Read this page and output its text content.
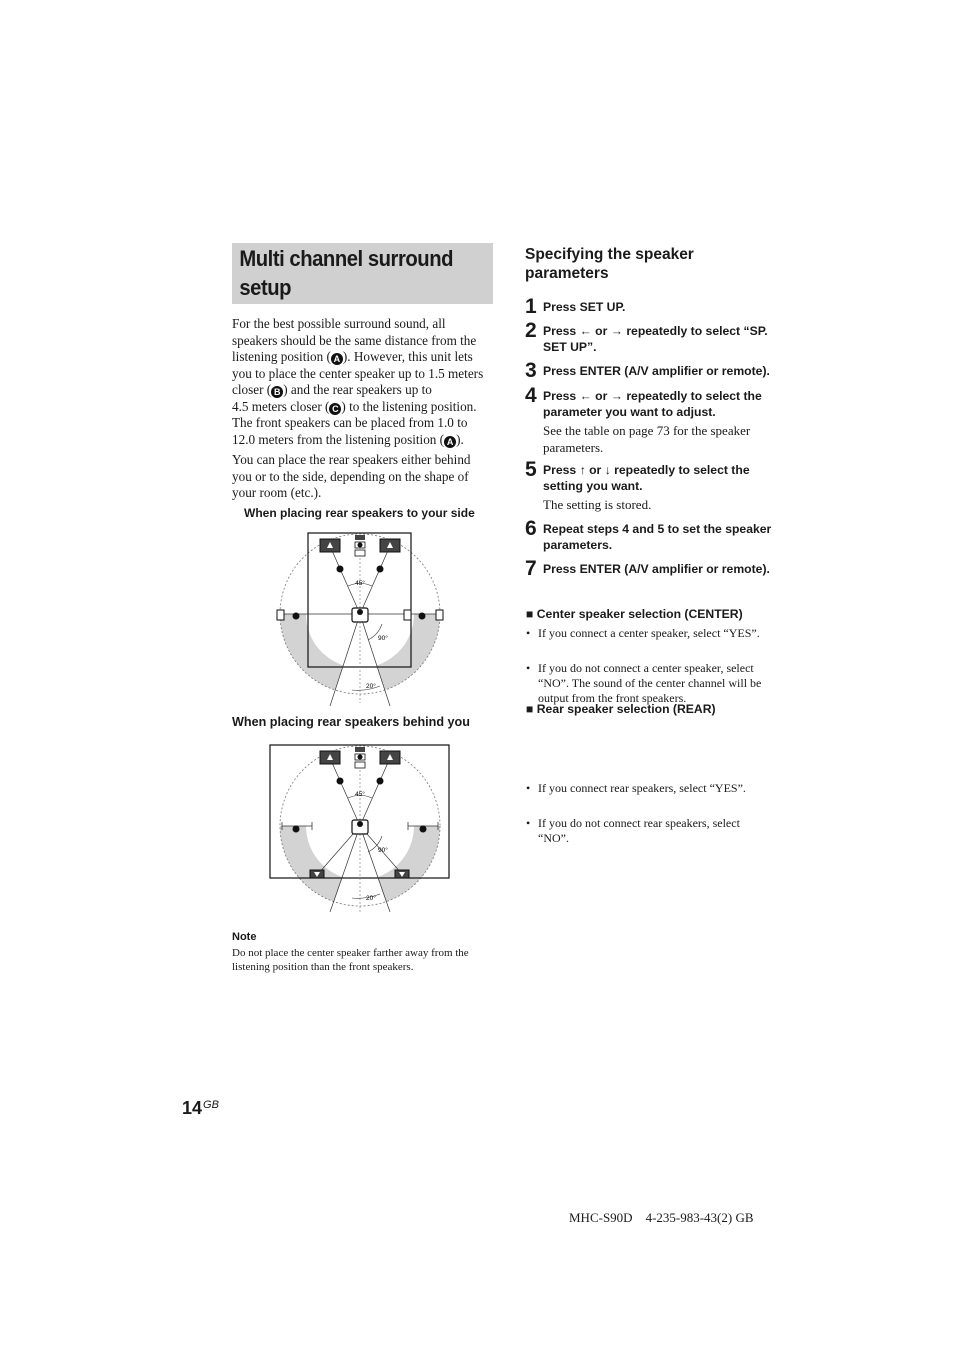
Multi channel surround
setup
For the best possible surround sound, all
speakers should be the same distance from the
listening position ( A ). However, this unit lets
you to place the center speaker up to 1.5 meters
closer ( B ) and the rear speakers up to
4.5 meters closer ( C ) to the listening position.
The front speakers can be placed from 1.0 to
12.0 meters from the listening position ( A ).
You can place the rear speakers either behind
you or to the side, depending on the shape of
your room (etc.).
When placing rear speakers to your side
45°
90°
20°
When placing rear speakers behind you
45°
90°
20°
Note
Do not place the center speaker farther away from the
listening position than the front speakers.
Specifying the speaker
parameters
1 Press SET UP.
2 Press ← or → repeatedly to select “SP.
SET UP”.
3 Press ENTER (A/V amplifier or remote).
4 Press ← or → repeatedly to select the
parameter you want to adjust.
See the table on page 73 for the speaker
parameters.
5 Press ↑ or ↓ repeatedly to select the
setting you want.
The setting is stored.
6 Repeat steps 4 and 5 to set the speaker
parameters.
7 Press ENTER (A/V amplifier or remote).
■ Center speaker selection (CENTER)
• If you connect a center speaker, select “YES”.
• If you do not connect a center speaker, select
“NO”. The sound of the center channel will be
output from the front speakers.
■ Rear speaker selection (REAR)
• If you connect rear speakers, select “YES”.
• If you do not connect rear speakers, select
“NO”.
$14^{GB}$
MHC-S90D    4-235-983-43(2) GB
